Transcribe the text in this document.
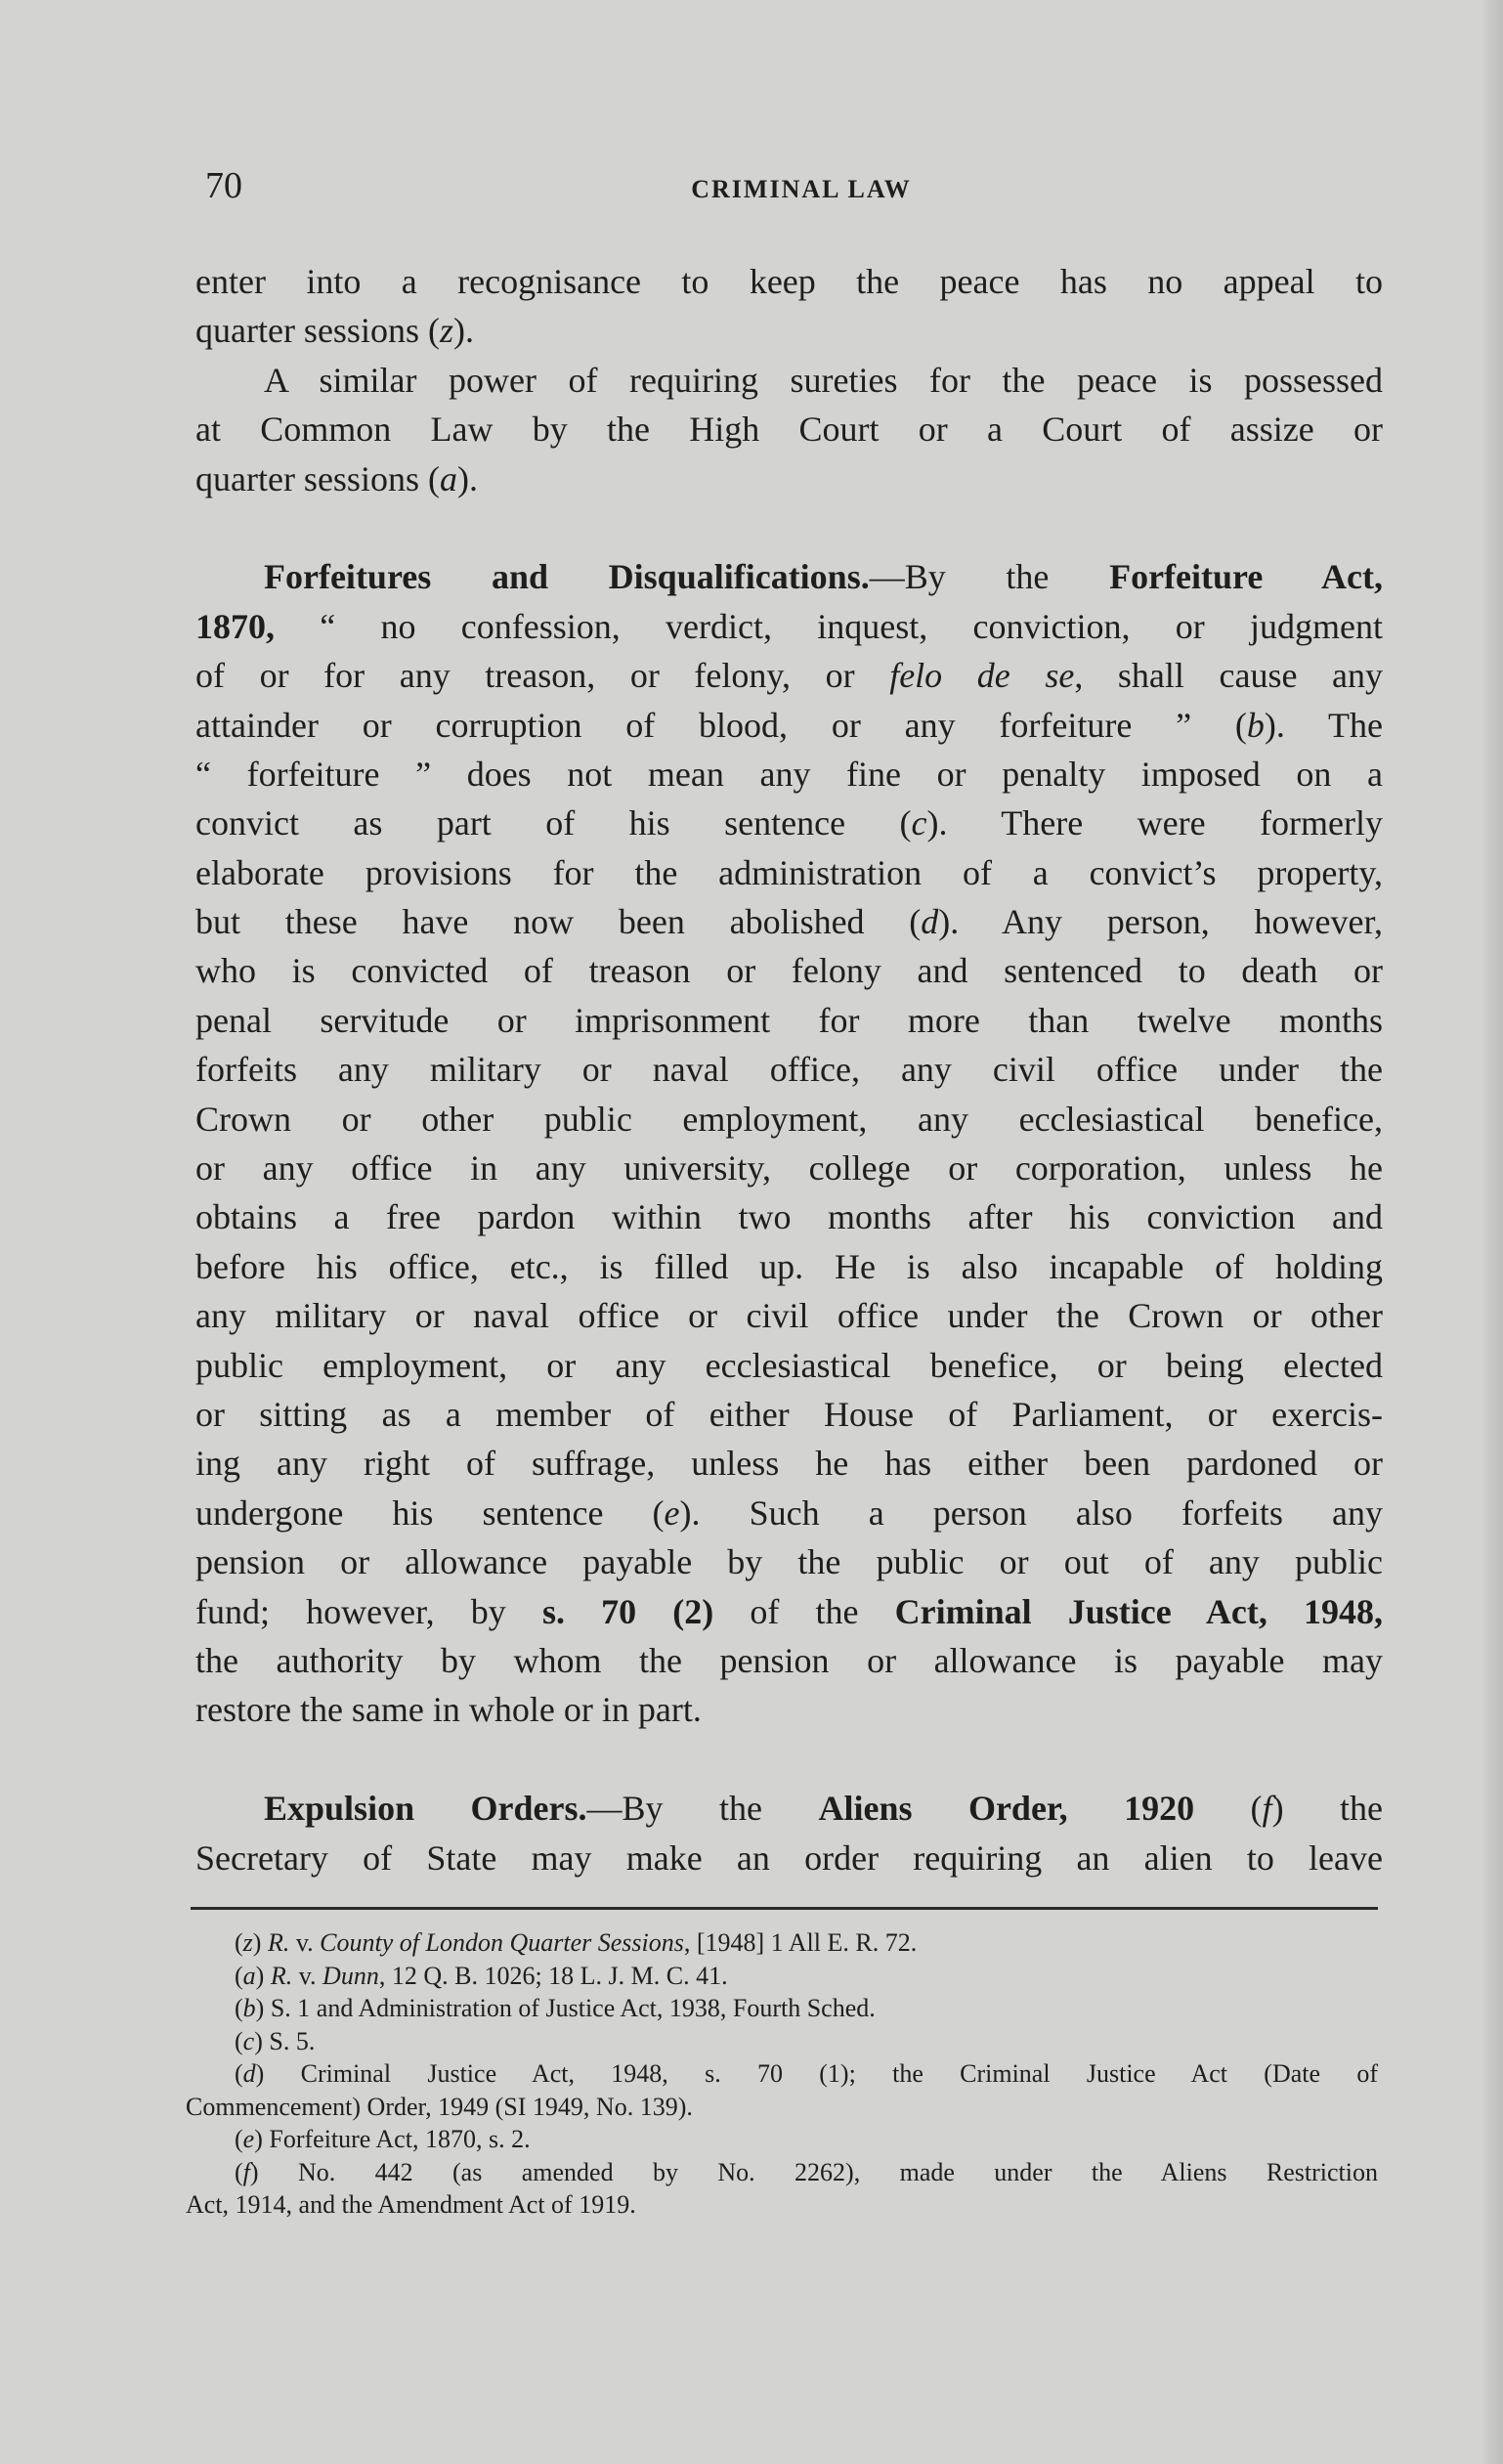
70	CRIMINAL LAW
enter into a recognisance to keep the peace has no appeal to
quarter sessions (z).
A similar power of requiring sureties for the peace is possessed
at Common Law by the High Court or a Court of assize or
quarter sessions (a).
Forfeitures and Disqualifications.—By the Forfeiture Act,
1870, “ no confession, verdict, inquest, conviction, or judgment
of or for any treason, or felony, or felo de se, shall cause any
attainder or corruption of blood, or any forfeiture ” (b). The
“ forfeiture ” does not mean any fine or penalty imposed on a
convict as part of his sentence (c). There were formerly
elaborate provisions for the administration of a convict’s property,
but these have now been abolished (d). Any person, however,
who is convicted of treason or felony and sentenced to death or
penal servitude or imprisonment for more than twelve months
forfeits any military or naval office, any civil office under the
Crown or other public employment, any ecclesiastical benefice,
or any office in any university, college or corporation, unless he
obtains a free pardon within two months after his conviction and
before his office, etc., is filled up. He is also incapable of holding
any military or naval office or civil office under the Crown or other
public employment, or any ecclesiastical benefice, or being elected
or sitting as a member of either House of Parliament, or exercis-
ing any right of suffrage, unless he has either been pardoned or
undergone his sentence (e). Such a person also forfeits any
pension or allowance payable by the public or out of any public
fund; however, by s. 70 (2) of the Criminal Justice Act, 1948,
the authority by whom the pension or allowance is payable may
restore the same in whole or in part.
Expulsion Orders.—By the Aliens Order, 1920 (f) the
Secretary of State may make an order requiring an alien to leave
(z) R. v. County of London Quarter Sessions, [1948] 1 All E. R. 72.
(a) R. v. Dunn, 12 Q. B. 1026; 18 L. J. M. C. 41.
(b) S. 1 and Administration of Justice Act, 1938, Fourth Sched.
(c) S. 5.
(d) Criminal Justice Act, 1948, s. 70 (1); the Criminal Justice Act (Date of
Commencement) Order, 1949 (SI 1949, No. 139).
(e) Forfeiture Act, 1870, s. 2.
(f) No. 442 (as amended by No. 2262), made under the Aliens Restriction
Act, 1914, and the Amendment Act of 1919.
